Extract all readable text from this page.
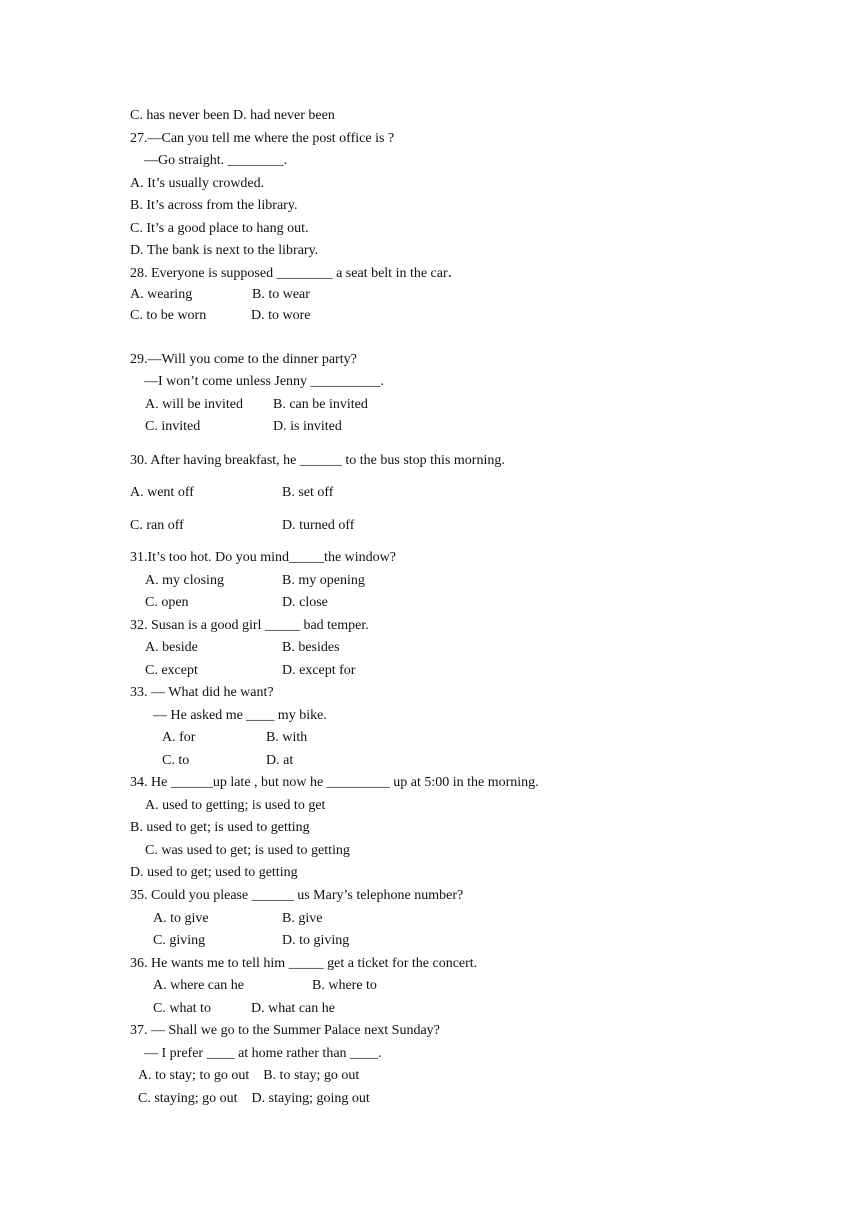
C. has never been D. had never been
27.—Can you tell me where the post office is ?
—Go straight. ________.
A. It’s usually crowded.
B. It’s across from the library.
C. It’s a good place to hang out.
D. The bank is next to the library.
28. Everyone is supposed ________ a seat belt in the car．
A. wearing	B. to wear
C. to be worn	D. to wore
29.—Will you come to the dinner party?
—I won’t come unless Jenny __________.
A. will be invited B. can be invited
C. invited	D. is invited
30. After having breakfast, he ______ to the bus stop this morning.
A. went off	B. set off
C. ran off	D. turned off
31.It’s too hot. Do you mind_____the window?
A. my closing	B. my opening
C. open	D. close
32. Susan is a good girl _____ bad temper.
A. beside	B. besides
C. except	D. except for
33. — What did he want?
— He asked me ____ my bike.
A. for	B. with
C. to	D. at
34. He ______up late , but now he _________ up at 5:00 in the morning.
A. used to getting; is used to get
B. used to get; is used to getting
C. was used to get; is used to getting
D. used to get; used to getting
35. Could you please ______ us Mary’s telephone number?
A. to give	B. give
C. giving	D. to giving
36. He wants me to tell him _____ get a ticket for the concert.
A. where can he	B. where to
C. what to	D. what can he
37. — Shall we go to the Summer Palace next Sunday?
— I prefer ____ at home rather than ____.
A. to stay; to go out    B. to stay; go out
C. staying; go out    D. staying; going out
